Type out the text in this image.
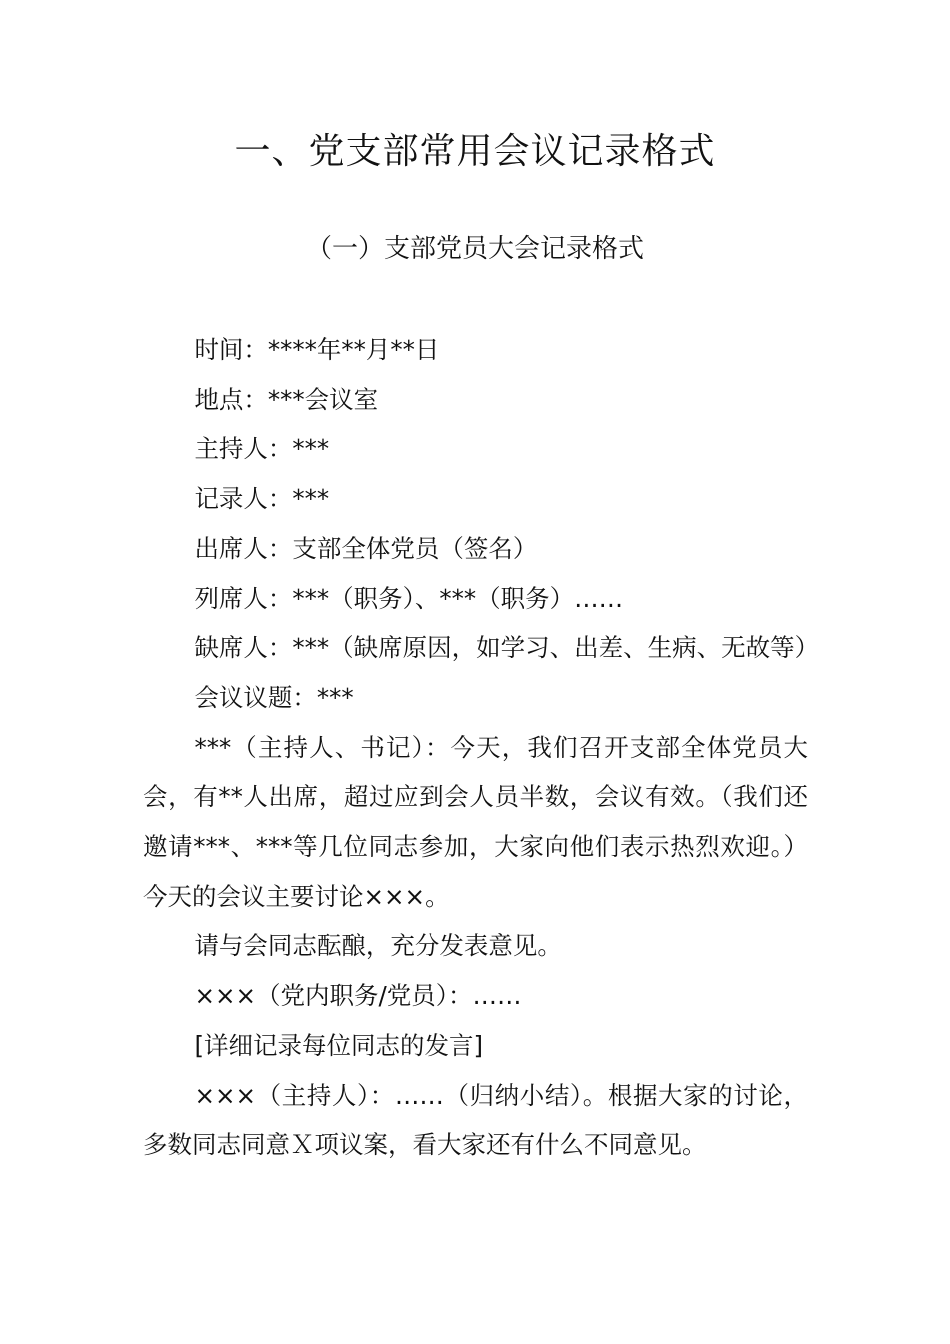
一、党支部常用会议记录格式
（一）支部党员大会记录格式

时间：****年**月**日

地点：***会议室

主持人：***

记录人：***

出席人：支部全体党员（签名）

列席人：***（职务）、***（职务）……

缺席人：***（缺席原因，如学习、出差、生病、无故等）

会议议题：***

***（主持人、书记）：今天，我们召开支部全体党员大会，有**人出席，超过应到会人员半数，会议有效。（我们还邀请***、***等几位同志参加，大家向他们表示热烈欢迎。）今天的会议主要讨论×××。

请与会同志酝酿，充分发表意见。

×××（党内职务/党员）：……

[详细记录每位同志的发言]

×××（主持人）：……（归纳小结）。根据大家的讨论，多数同志同意Ｘ项议案，看大家还有什么不同意见。
